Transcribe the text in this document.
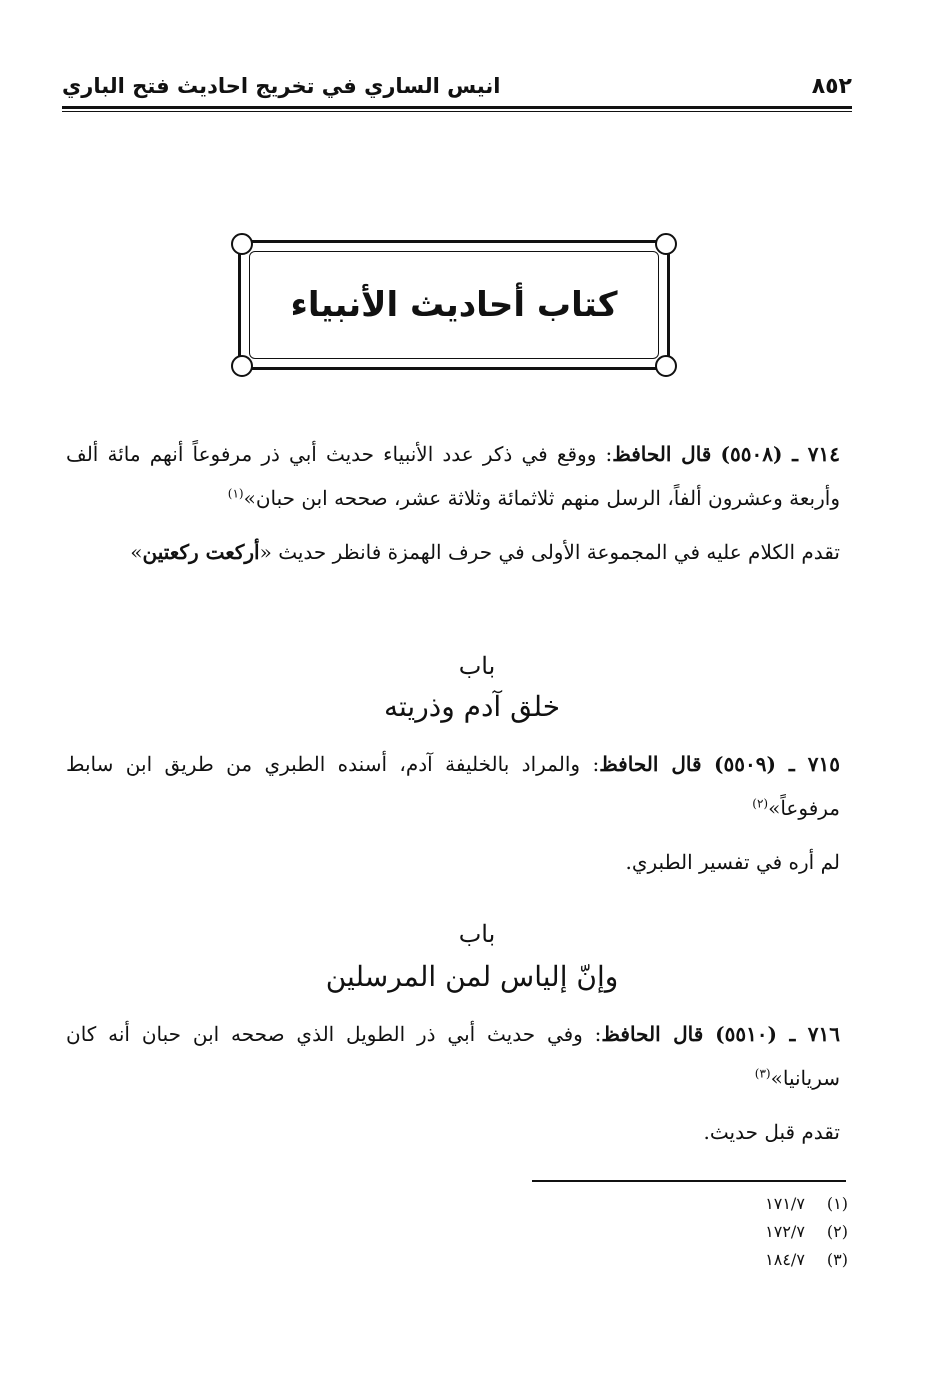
انيس الساري في تخريج احاديث فتح الباري	٨٥٢
كتاب أحاديث الأنبياء
٧١٤ ـ (٥٥٠٨) قال الحافظ: ووقع في ذكر عدد الأنبياء حديث أبي ذر مرفوعاً أنهم مائة ألف وأربعة وعشرون ألفاً، الرسل منهم ثلاثمائة وثلاثة عشر، صححه ابن حبان»$^{(١)}$
تقدم الكلام عليه في المجموعة الأولى في حرف الهمزة فانظر حديث «أركعت ركعتين»
باب
خلق آدم وذريته
٧١٥ ـ (٥٥٠٩) قال الحافظ: والمراد بالخليفة آدم، أسنده الطبري من طريق ابن سابط مرفوعاً»$^{(٢)}$
لم أره في تفسير الطبري.
باب
وإنّ إلياس لمن المرسلين
٧١٦ ـ (٥٥١٠) قال الحافظ: وفي حديث أبي ذر الطويل الذي صححه ابن حبان أنه كان سريانيا»$^{(٣)}$
تقدم قبل حديث.
(١)
١٧١/٧
(٢)
١٧٢/٧
(٣)
١٨٤/٧
